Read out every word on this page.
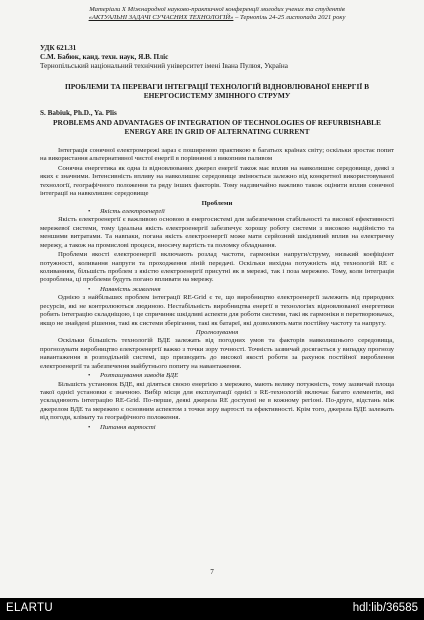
Матеріали Х Міжнародної науково-практичної конференції молодих учених та студентів
«АКТУАЛЬНІ ЗАДАЧІ СУЧАСНИХ ТЕХНОЛОГІЙ» – Тернопіль 24-25 листопада 2021 року
УДК 621.31
С.М. Бабюк, канд. техн. наук, Я.В. Пліс
Тернопільський національний технічний університет імені Івана Пулюя, Україна
ПРОБЛЕМИ ТА ПЕРЕВАГИ ІНТЕГРАЦІЇ ТЕХНОЛОГІЙ ВІДНОВЛЮВАНОЇ ЕНЕРГІЇ В ЕНЕРГОСИСТЕМУ ЗМІННОГО СТРУМУ
S. Babiuk, Ph.D., Ya. Plis
PROBLEMS AND ADVANTAGES OF INTEGRATION OF TECHNOLOGIES OF REFURBISHABLE ENERGY ARE IN GRID OF ALTERNATING CURRENT

Інтеграція сонячної електромережі зараз є поширеною практикою в багатьох країнах світу; оскільки зростає попит на використання альтернативної чистої енергії в порівнянні з викопним паливом

Сонячна енергетика як одна із відновлюваних джерел енергії також має вплив на навколишнє середовище, деякі з яких є значними. Інтенсивність впливу на навколишнє середовище змінюється залежно від конкретної використовуваної технології, географічного положення та ряду інших факторів. Тому надзвичайно важливо також оцінити вплив сонячної інтеграції на навколишнє середовище

Проблеми

• Якість електроенергії

Якість електроенергії є важливою основою в енергосистемі для забезпечення стабільності та високої ефективності мережевої системи, тому ідеальна якість електроенергії забезпечує хорошу роботу системи з високою надійністю та меншими витратами. Та навпаки, погана якість електроенергії може мати серйозний шкідливий вплив на електричну мережу, а також на промислові процеси, вносячу вартість та поломку обладнання.

Проблеми якості електроенергії включають розлад частоти, гармоніки напруги/струму, низький коефіцієнт потужності, коливання напруги та проходження ліній передачі. Оскільки вихідна потужність від технологій RE є коливанням, більшість проблем з якістю електроенергії присутні як в мережі, так і поза мережею. Тому, коли інтеграція розроблена, ці проблеми будуть погано впливати на мережу.

• Наявність живлення

Однією з найбільших проблем інтеграції RE-Grid є те, що виробництво електроенергії залежить від природних ресурсів, які не контролюються людиною. Нестабільність виробництва енергії в технологіях відновлюваної енергетики робить інтеграцію складніщою, і це спричиняє шкідливі аспекти для роботи системи, такі як гармоніки в перетворювачах, якщо не знайдені рішення, такі як системи зберігання, такі як батареї, які дозволяють мати постійну частоту та напругу.

Прогнозування

Оскільки більшість технологій ВДЕ залежать від погодних умов та факторів навколишнього середовища, прогнозувати виробництво електроенергії важко з точки зору точності. Точність зазвичай досягається у випадку прогнозу навантаження в розподільній системі, що призводить до високої якості роботи за рахунок постійної вироблення електроенергії та забезпечення майбутнього попиту на навантаження.

• Розташування заводів ВДЕ

Більшість установок ВДЕ, які діляться своєю енергією з мережею, мають велику потужність, тому зазвичай площа такої однієї установки є значною. Вибір місця для експлуатації однієї з RE-технологій включає багато елементів, які ускладнюють інтеграцію RE-Grid. По-перше, деякі джерела RE доступні не в кожному регіоні. По-друге, відстань між джерелом ВДЕ та мережею є основним аспектом з точки зору вартості та ефективності. Крім того, джерела ВДЕ залежать від погоди, клімату та географічного положення.

• Питання вартості

7
ELARTU	hdl:lib/36585
